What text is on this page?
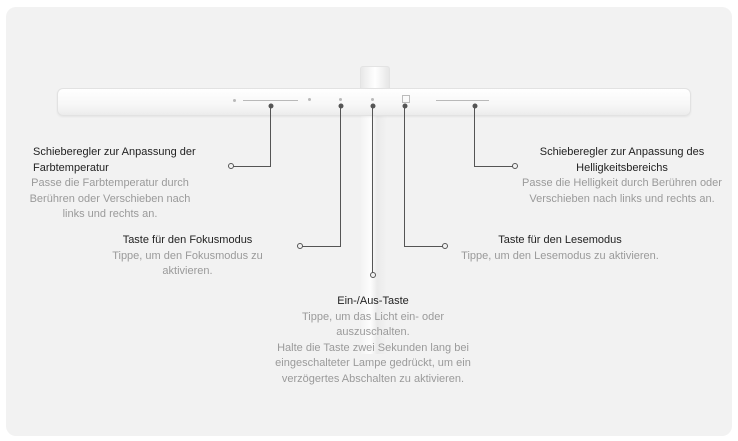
Schieberegler zur Anpassung der Farbtemperatur
Passe die Farbtemperatur durch Berühren oder Verschieben nach links und rechts an.
Taste für den Fokusmodus
Tippe, um den Fokusmodus zu aktivieren.
Ein-/Aus-Taste
Tippe, um das Licht ein- oder auszuschalten.
Halte die Taste zwei Sekunden lang bei eingeschalteter Lampe gedrückt, um ein verzögertes Abschalten zu aktivieren.
Taste für den Lesemodus
Tippe, um den Lesemodus zu aktivieren.
Schieberegler zur Anpassung des Helligkeitsbereichs
Passe die Helligkeit durch Berühren oder Verschieben nach links und rechts an.
